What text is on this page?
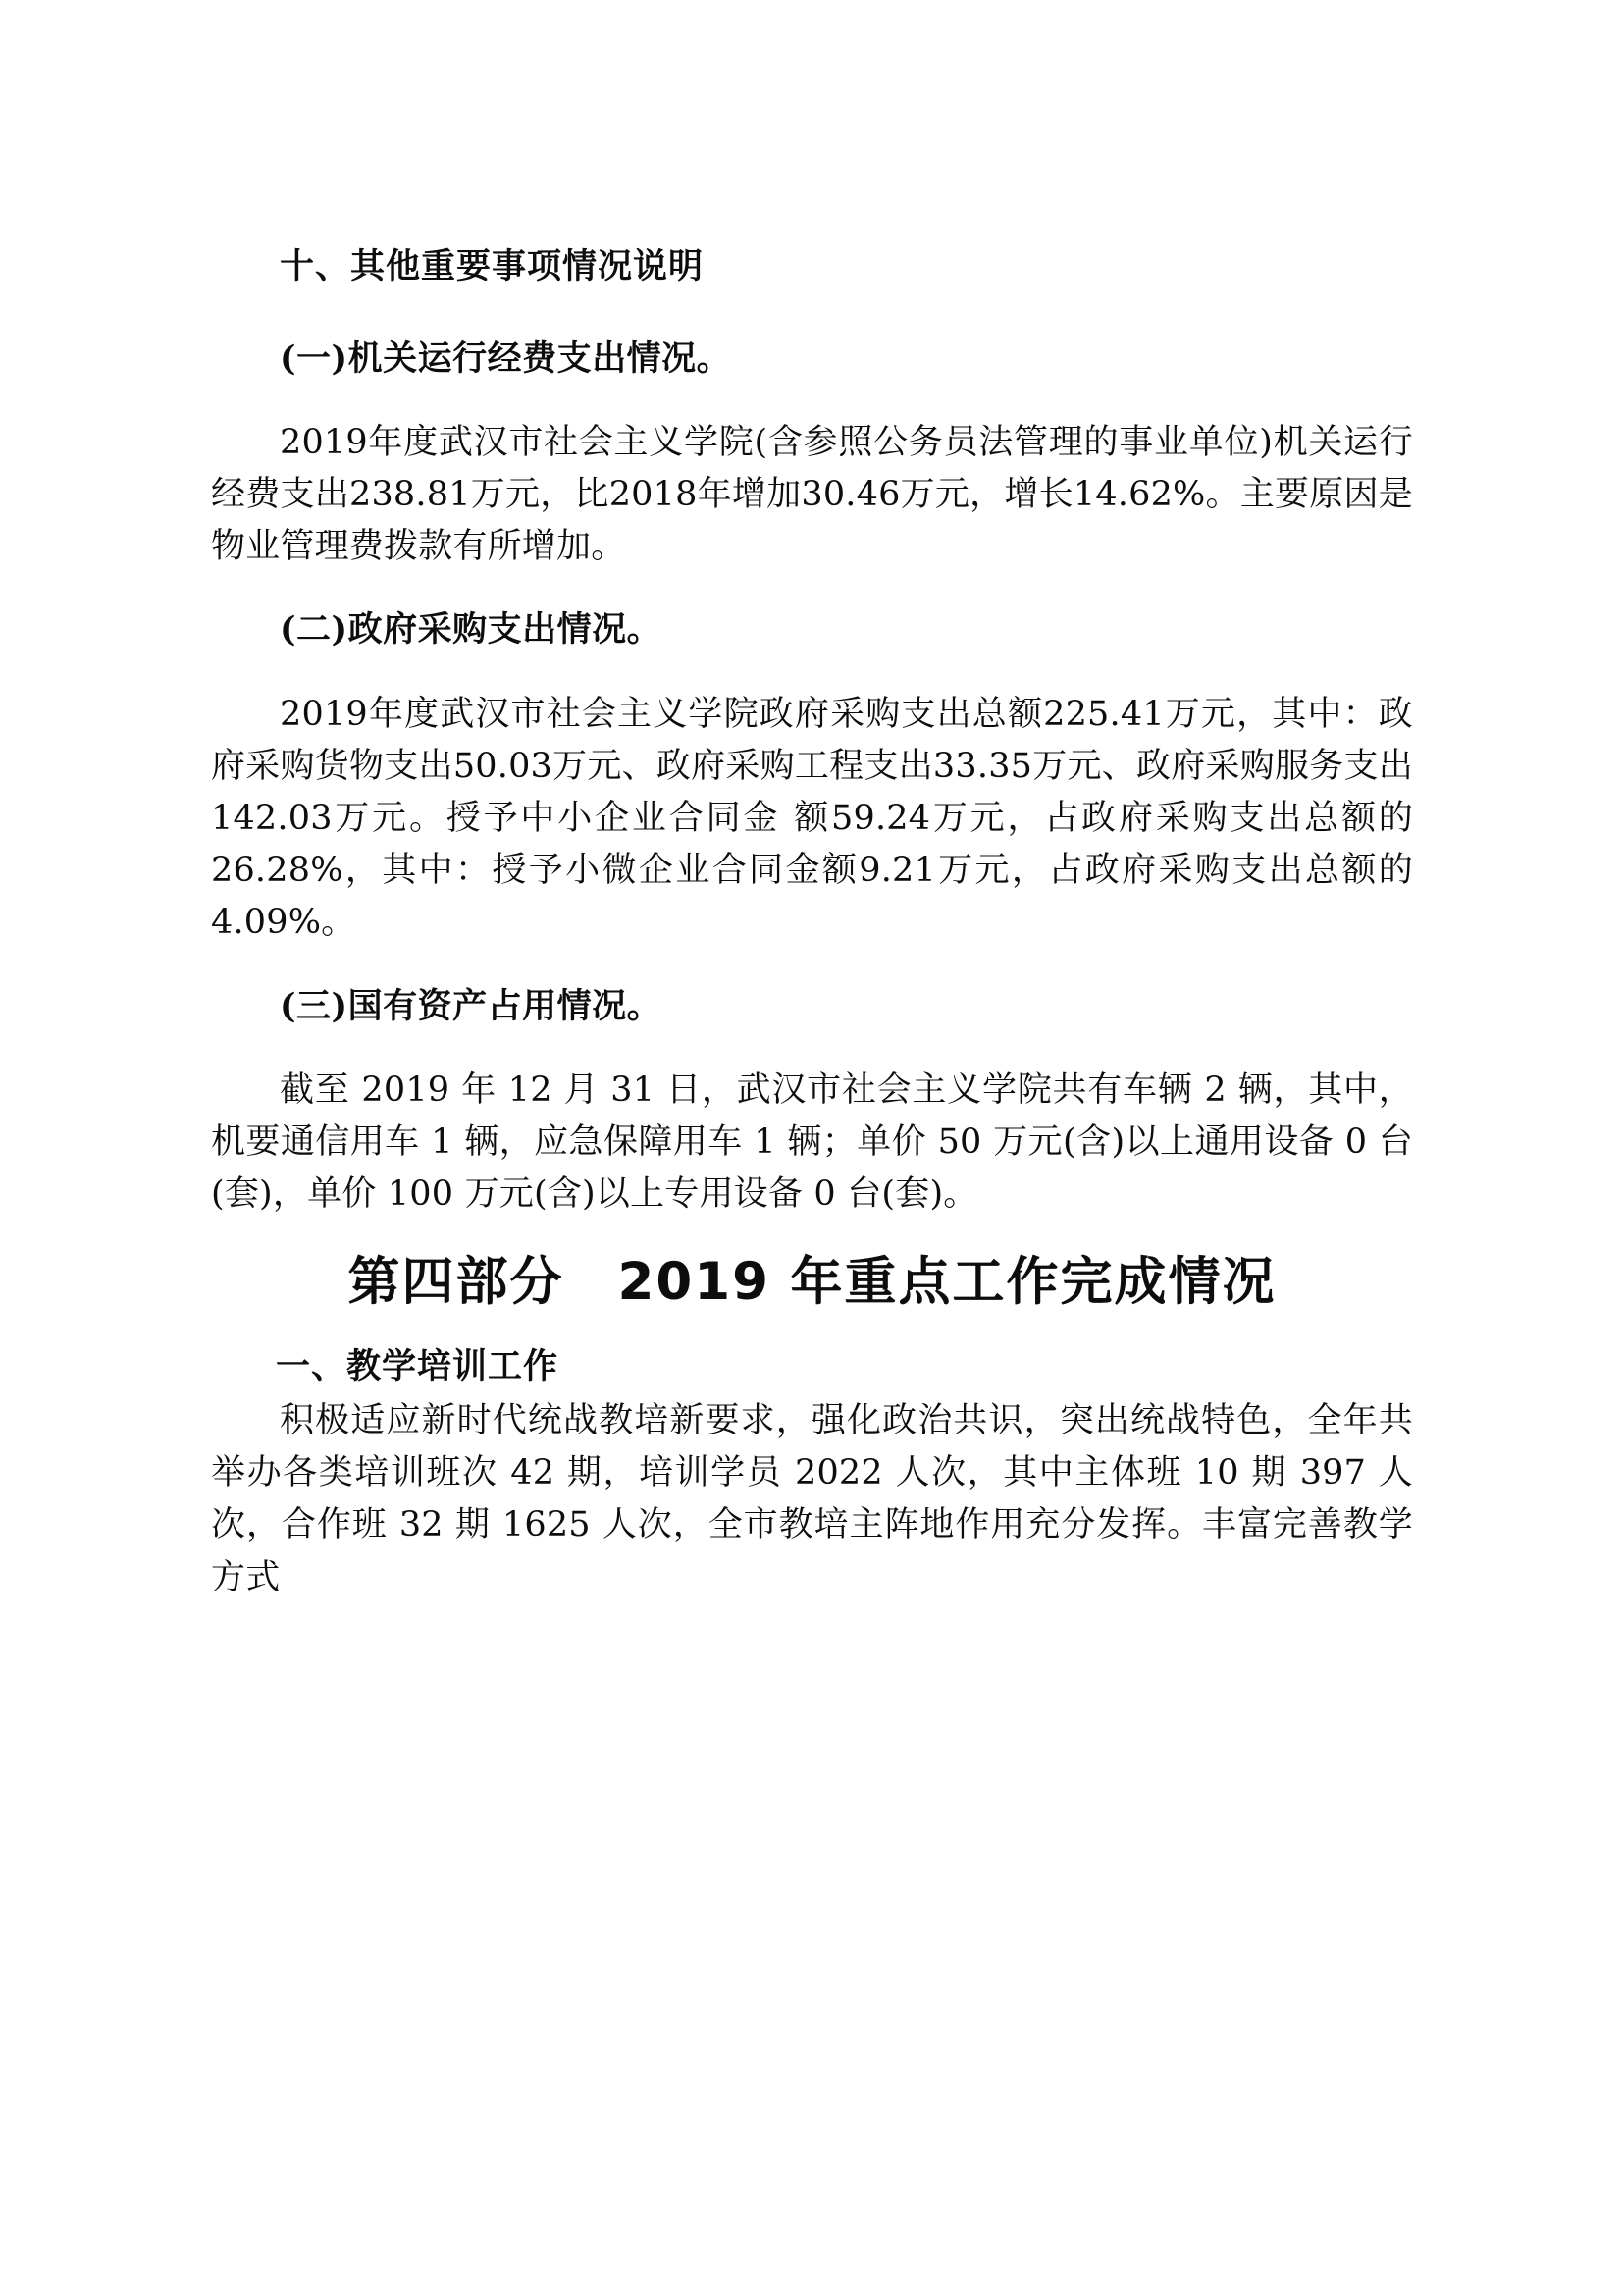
十、其他重要事项情况说明
(一)机关运行经费支出情况。

2019年度武汉市社会主义学院(含参照公务员法管理的事业单位)机关运行经费支出238.81万元，比2018年增加30.46万元，增长14.62%。主要原因是物业管理费拨款有所增加。

(二)政府采购支出情况。

2019年度武汉市社会主义学院政府采购支出总额225.41万元，其中：政府采购货物支出50.03万元、政府采购工程支出33.35万元、政府采购服务支出142.03万元。授予中小企业合同金 额59.24万元，占政府采购支出总额的26.28%，其中：授予小微企业合同金额9.21万元，占政府采购支出总额的4.09%。

(三)国有资产占用情况。

截至 2019 年 12 月 31 日，武汉市社会主义学院共有车辆 2 辆，其中，机要通信用车 1 辆，应急保障用车 1 辆；单价 50 万元(含)以上通用设备 0 台(套)，单价 100 万元(含)以上专用设备 0 台(套)。

第四部分　2019 年重点工作完成情况
一、教学培训工作

积极适应新时代统战教培新要求，强化政治共识，突出统战特色，全年共举办各类培训班次 42 期，培训学员 2022 人次，其中主体班 10 期 397 人次，合作班 32 期 1625 人次，全市教培主阵地作用充分发挥。丰富完善教学方式
